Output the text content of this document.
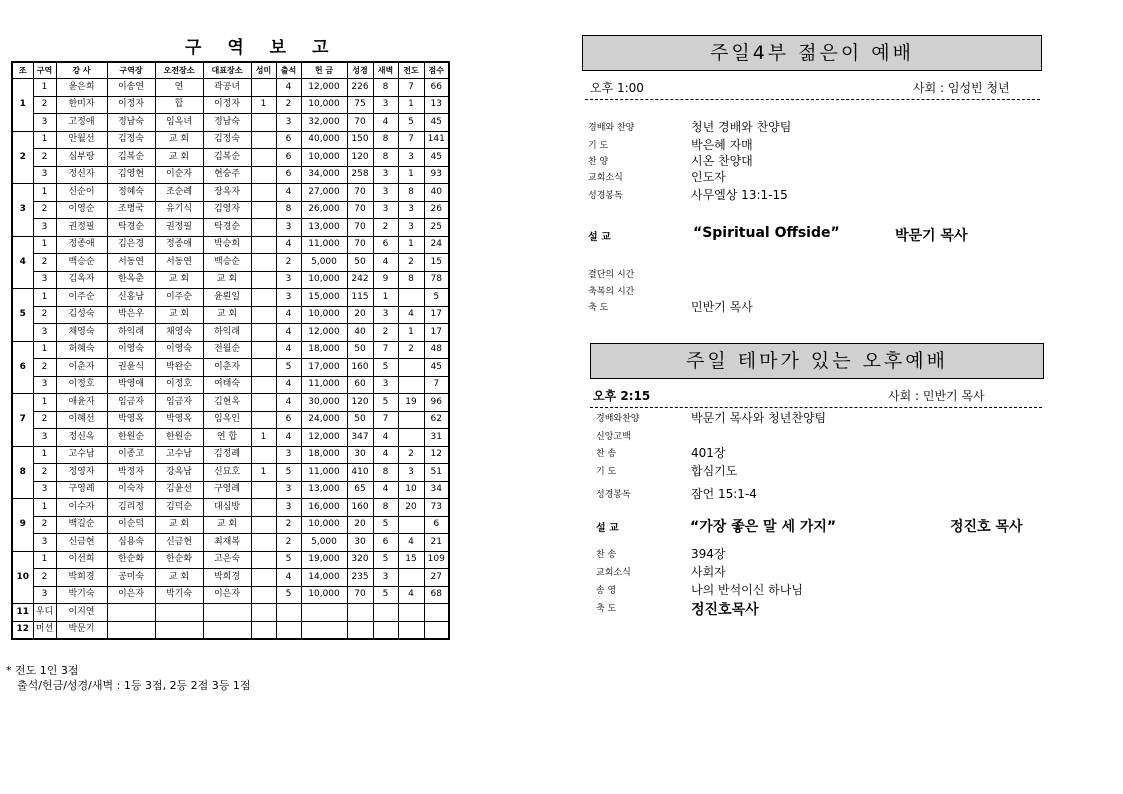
구 역 보 고
조	구역	강 사	구역장	오전장소	대표장소	성미	출석	헌 금	성경	새벽	전도	점수
1	1	윤은희	이송연	연	곽공녀		4	12,000	226	8	7	66
	2	한미자	이정자	합	이정자	1	2	10,000	75	3	1	13
	3	고정애	정남숙	임옥녀	정남숙		3	32,000	70	4	5	45
2	1	안월선	김정숙	교 회	김정숙		6	40,000	150	8	7	141
	2	심부랑	김복순	교 회	김복순		6	10,000	120	8	3	45
	3	정신자	김영현	이순자	현숭주		6	34,000	258	3	1	93
3	1	신순이	정혜숙	조순례	장옥자		4	27,000	70	3	8	40
	2	이영순	조병국	유기식	김영자		8	26,000	70	3	3	26
	3	권정필	탁경순	권정필	탁경순		3	13,000	70	2	3	25
4	1	정종애	김은경	정종애	박승희		4	11,000	70	6	1	24
	2	백승순	서동연	서동연	백승순		2	5,000	50	4	2	15
	3	김옥자	한옥춘	교 회	교 회		3	10,000	242	9	8	78
5	1	이주순	신홍남	이주순	윤뢴일		3	15,000	115	1		5
	2	김성숙	박은우	교 회	교 회		4	10,000	20	3	4	17
	3	채영숙	하익래	채영숙	하익래		4	12,000	40	2	1	17
6	1	허혜숙	이영숙	이영숙	전월순		4	18,000	50	7	2	48
	2	이춘자	권윤식	박완순	이춘자		5	17,000	160	5		45
	3	이정호	박영애	이정호	여태숙		4	11,000	60	3		7
7	1	애윤자	임금자	임금자	김현옥		4	30,000	120	5	19	96
	2	이혜선	박영옥	박영옥	임옥인		6	24,000	50	7		62
	3	정신옥	한원순	한원순	연 합	1	4	12,000	347	4		31
8	1	고수남	이종고	고수남	김정례		3	18,000	30	4	2	12
	2	정영자	박정자	강옥남	신묘호	1	5	11,000	410	8	3	51
	3	구영례	이숙자	김윤선	구영례		3	13,000	65	4	10	34
9	1	이수자	김리정	김덕순	대심방		3	16,000	160	8	20	73
	2	백길순	이순덕	교 회	교 회		2	10,000	20	5		6
	3	신금현	심용숙	신금현	최재복		2	5,000	30	6	4	21
10	1	이선희	한순화	한순화	고은숙		5	19,000	320	5	15	109
	2	박희경	공미숙	교 회	박희경		4	14,000	235	3		27
	3	박기숙	이은자	박기숙	이은자		5	10,000	70	5	4	68
11	우디	이지연										
12	미션	박문기										
* 전도 1인 3점
출석/헌금/성경/새벽 : 1등 3점, 2등 2점 3등 1점
주일4부 젊은이 예배
오후 1:00	사회 : 임성빈 청년
경배와 찬양	청년 경배와 찬양팀
기 도	박은혜 자매
찬 양	시온 찬양대
교회소식	인도자
성경봉독	사무엘상 13:1-15
설 교	“Spiritual Offside”	박문기 목사
결단의 시간
축복의 시간
축 도	민반기 목사
주일 테마가 있는 오후예배
오후 2:15	사회 : 민반기 목사
경배와찬양	박문기 목사와 청년찬양팀
신앙고백
찬 송	401장
기 도	합심기도
성경봉독	잠언 15:1-4
설 교	“가장 좋은 말 세 가지”	정진호 목사
찬 송	394장
교회소식	사회자
송 영	나의 반석이신 하나님
축 도	정진호목사
